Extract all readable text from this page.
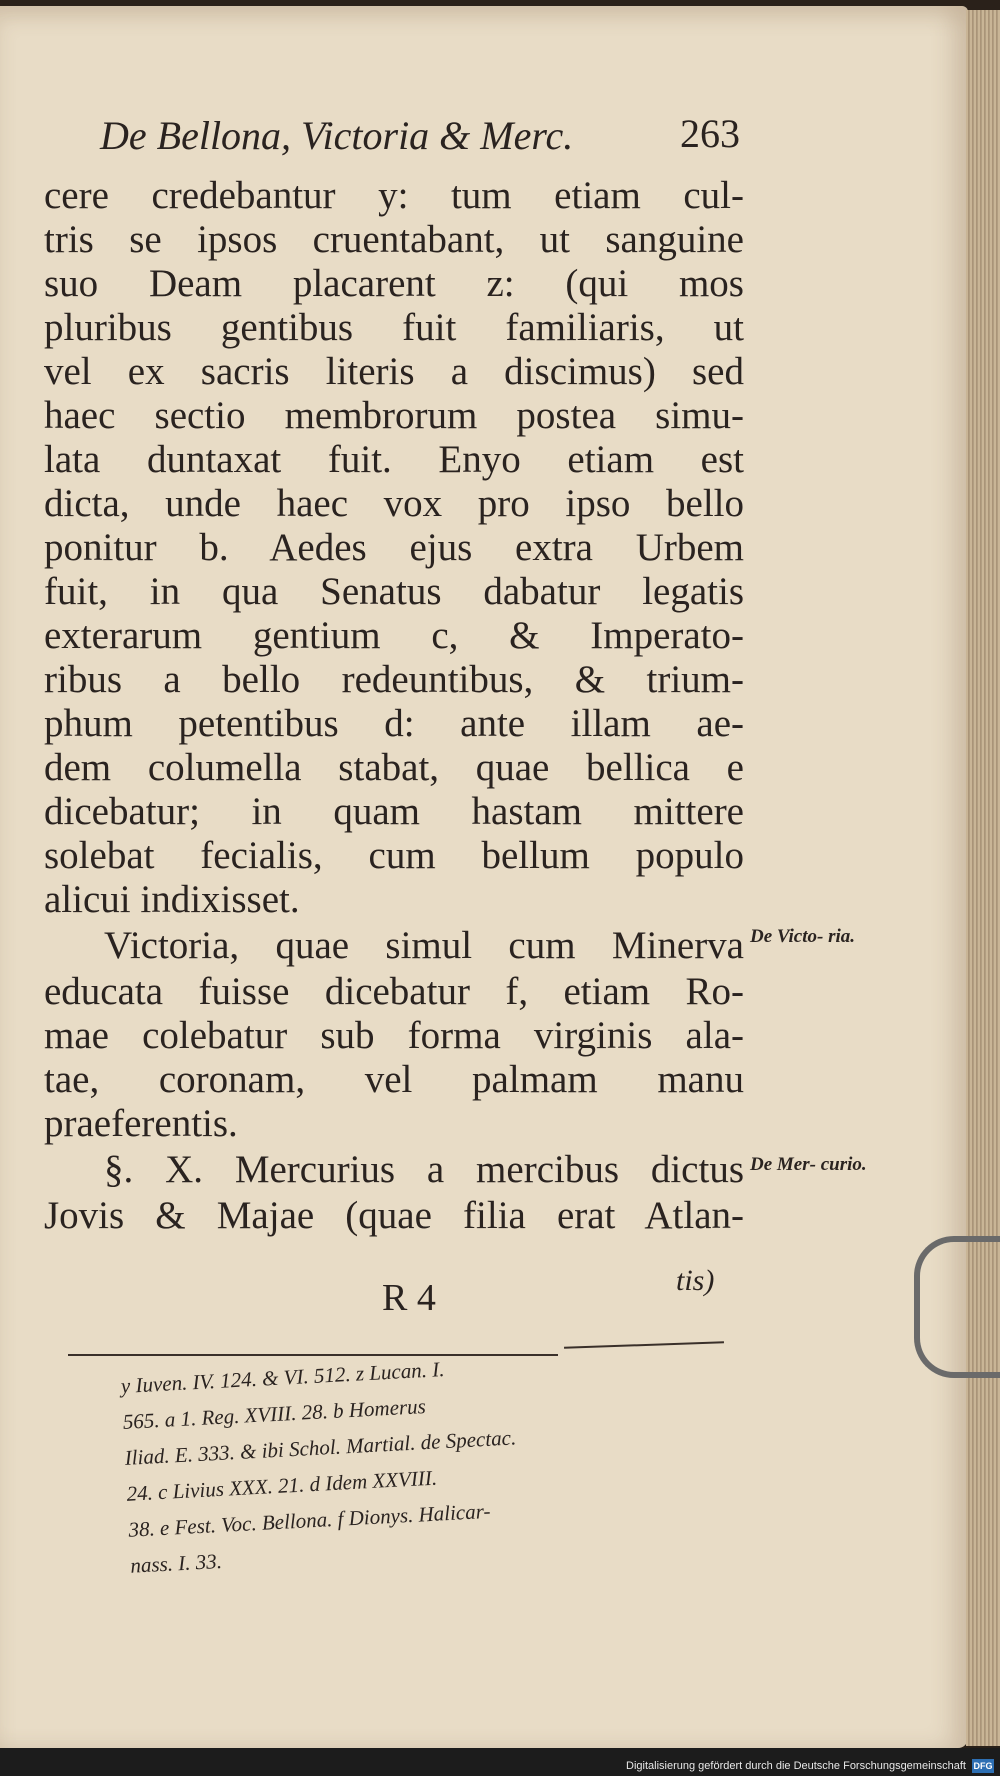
De Bellona, Victoria & Merc.	263
cere credebantur y: tum etiam cul-
tris se ipsos cruentabant, ut sanguine
suo Deam placarent z: (qui mos
pluribus gentibus fuit familiaris, ut
vel ex sacris literis a discimus) sed
haec sectio membrorum postea simu-
lata duntaxat fuit. Enyo etiam est
dicta, unde haec vox pro ipso bello
ponitur b. Aedes ejus extra Urbem
fuit, in qua Senatus dabatur legatis
exterarum gentium c, & Imperato-
ribus a bello redeuntibus, & trium-
phum petentibus d: ante illam ae-
dem columella stabat, quae bellica e
dicebatur; in quam hastam mittere
solebat fecialis, cum bellum populo
alicui indixisset.
Victoria, quae simul cum Minerva
educata fuisse dicebatur f, etiam Ro-
mae colebatur sub forma virginis ala-
tae, coronam, vel palmam manu
praeferentis.
§. X. Mercurius a mercibus dictus
Jovis & Majae (quae filia erat Atlan-
De Victo- ria.
De Mer- curio.
R 4	tis)
y Iuven. IV. 124. & VI. 512. z Lucan. I.
565. a 1. Reg. XVIII. 28. b Homerus
Iliad. E. 333. & ibi Schol. Martial. de Spectac.
24. c Livius XXX. 21. d Idem XXVIII.
38. e Fest. Voc. Bellona. f Dionys. Halicar-
nass. I. 33.
Digitalisierung gefördert durch die Deutsche Forschungsgemeinschaft DFG
